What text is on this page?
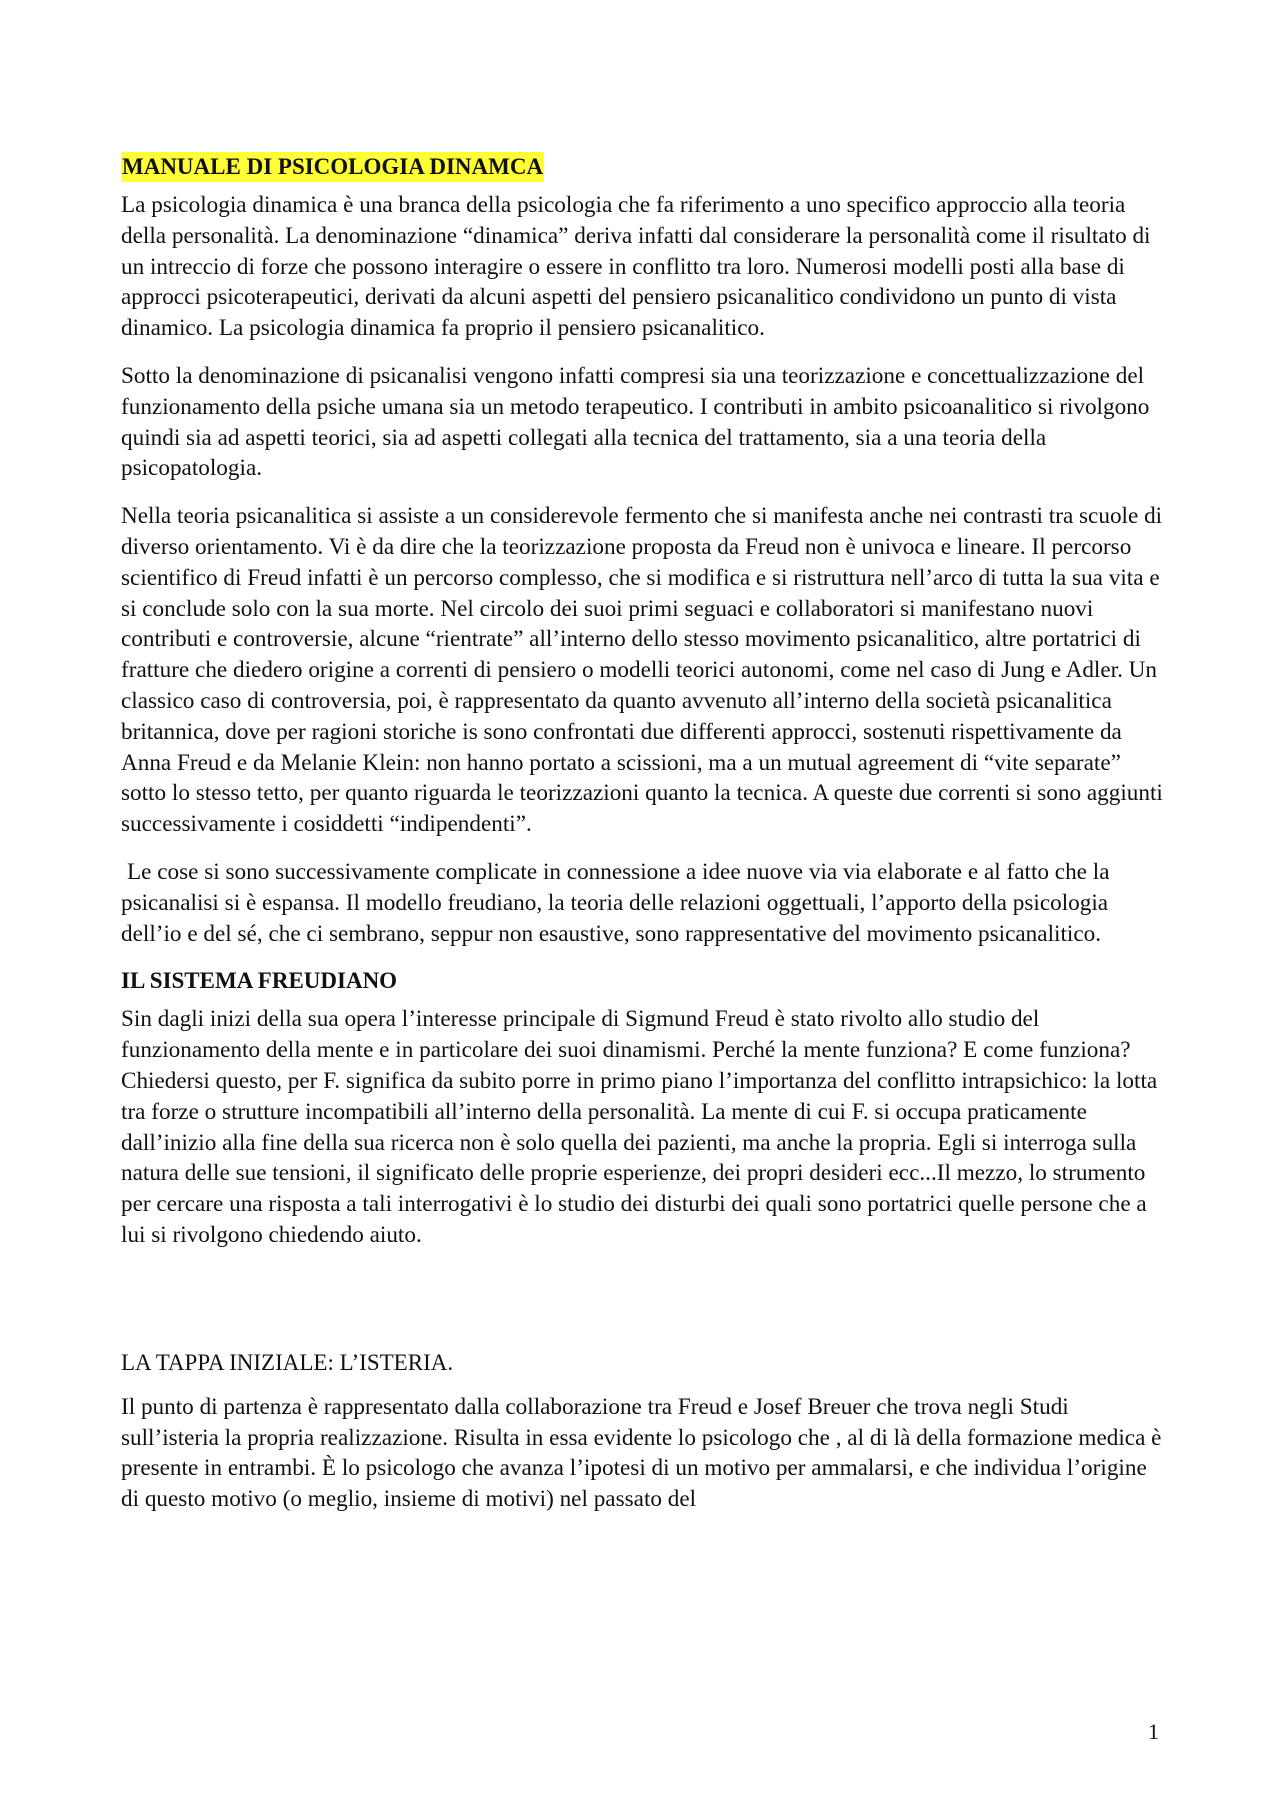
MANUALE DI PSICOLOGIA DINAMCA

La psicologia dinamica è una branca della psicologia che fa riferimento a uno specifico approccio alla teoria della personalità. La denominazione “dinamica” deriva infatti dal considerare la personalità come il risultato di un intreccio di forze che possono interagire o essere in conflitto tra loro. Numerosi modelli posti alla base di approcci psicoterapeutici, derivati da alcuni aspetti del pensiero psicanalitico condividono un punto di vista dinamico. La psicologia dinamica fa proprio il pensiero psicanalitico.

Sotto la denominazione di psicanalisi vengono infatti compresi sia una teorizzazione e concettualizzazione del funzionamento della psiche umana sia un metodo terapeutico. I contributi in ambito psicoanalitico si rivolgono quindi sia ad aspetti teorici, sia ad aspetti collegati alla tecnica del trattamento, sia a una teoria della psicopatologia.

Nella teoria psicanalitica si assiste a un considerevole fermento che si manifesta anche nei contrasti tra scuole di diverso orientamento. Vi è da dire che la teorizzazione proposta da Freud non è univoca e lineare. Il percorso scientifico di Freud infatti è un percorso complesso, che si modifica e si ristruttura nell’arco di tutta la sua vita e si conclude solo con la sua morte. Nel circolo dei suoi primi seguaci e collaboratori si manifestano nuovi contributi e controversie, alcune “rientrate” all’interno dello stesso movimento psicanalitico, altre portatrici di fratture che diedero origine a correnti di pensiero o modelli teorici autonomi, come nel caso di Jung e Adler. Un classico caso di controversia, poi, è rappresentato da quanto avvenuto all’interno della società psicanalitica britannica, dove per ragioni storiche is sono confrontati due differenti approcci, sostenuti rispettivamente da Anna Freud e da Melanie Klein: non hanno portato a scissioni, ma a un mutual agreement di “vite separate” sotto lo stesso tetto, per quanto riguarda le teorizzazioni quanto la tecnica. A queste due correnti si sono aggiunti successivamente i cosiddetti “indipendenti”.

Le cose si sono successivamente complicate in connessione a idee nuove via via elaborate e al fatto che la psicanalisi si è espansa. Il modello freudiano, la teoria delle relazioni oggettuali, l’apporto della psicologia dell’io e del sé, che ci sembrano, seppur non esaustive, sono rappresentative del movimento psicanalitico.

IL SISTEMA FREUDIANO

Sin dagli inizi della sua opera l’interesse principale di Sigmund Freud è stato rivolto allo studio del funzionamento della mente e in particolare dei suoi dinamismi. Perché la mente funziona? E come funziona? Chiedersi questo, per F. significa da subito porre in primo piano l’importanza del conflitto intrapsichico: la lotta tra forze o strutture incompatibili all’interno della personalità. La mente di cui F. si occupa praticamente dall’inizio alla fine della sua ricerca non è solo quella dei pazienti, ma anche la propria. Egli si interroga sulla natura delle sue tensioni, il significato delle proprie esperienze, dei propri desideri ecc...Il mezzo, lo strumento per cercare una risposta a tali interrogativi è lo studio dei disturbi dei quali sono portatrici quelle persone che a lui si rivolgono chiedendo aiuto.

LA TAPPA INIZIALE: L’ISTERIA.

Il punto di partenza è rappresentato dalla collaborazione tra Freud e Josef Breuer che trova negli Studi sull’isteria la propria realizzazione. Risulta in essa evidente lo psicologo che , al di là della formazione medica è presente in entrambi. È lo psicologo che avanza l’ipotesi di un motivo per ammalarsi, e che individua l’origine di questo motivo (o meglio, insieme di motivi) nel passato del

1
